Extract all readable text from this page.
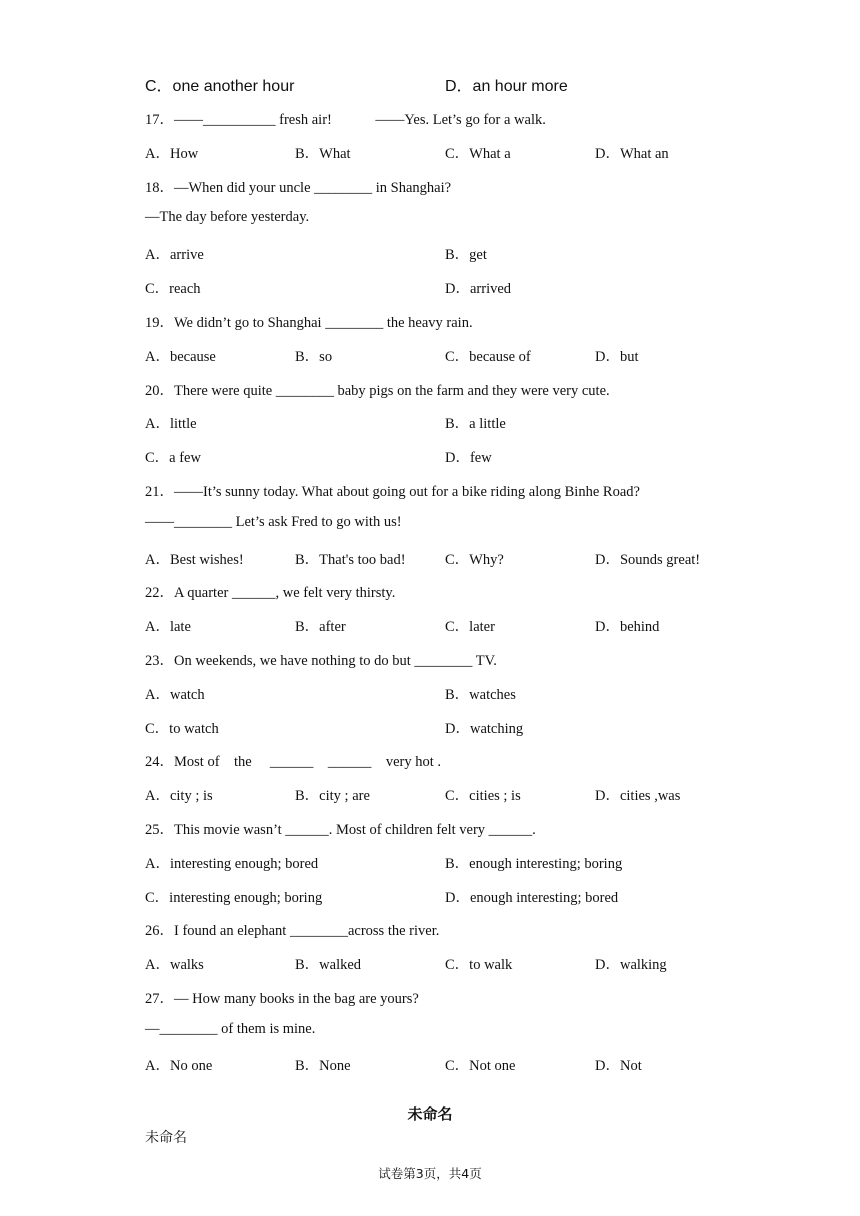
C．one another hour	D．an hour more
17．——__________ fresh air!            ——Yes. Let’s go for a walk.
A．How	B．What	C．What a	D．What an
18．—When did your uncle ________ in Shanghai?
—The day before yesterday.
A．arrive	B．get
C．reach	D．arrived
19．We didn’t go to Shanghai ________ the heavy rain.
A．because	B．so	C．because of	D．but
20．There were quite ________ baby pigs on the farm and they were very cute.
A．little	B．a little
C．a few	D．few
21．——It’s sunny today. What about going out for a bike riding along Binhe Road?
——________ Let’s ask Fred to go with us!
A．Best wishes!	B．That's too bad!	C．Why?	D．Sounds great!
22．A quarter ______, we felt very thirsty.
A．late	B．after	C．later	D．behind
23．On weekends, we have nothing to do but ________ TV.
A．watch	B．watches
C．to watch	D．watching
24．Most of    the     ______    ______    very hot .
A．city ; is	B．city ; are	C．cities ; is	D．cities ,was
25．This movie wasn’t ______. Most of children felt very ______.
A．interesting enough; bored	B．enough interesting; boring
C．interesting enough; boring	D．enough interesting; bored
26．I found an elephant ________across the river.
A．walks	B．walked	C．to walk	D．walking
27．— How many books in the bag are yours?
—________ of them is mine.
A．No one	B．None	C．Not one	D．Not
未命名
未命名
试卷第3页，共4页
